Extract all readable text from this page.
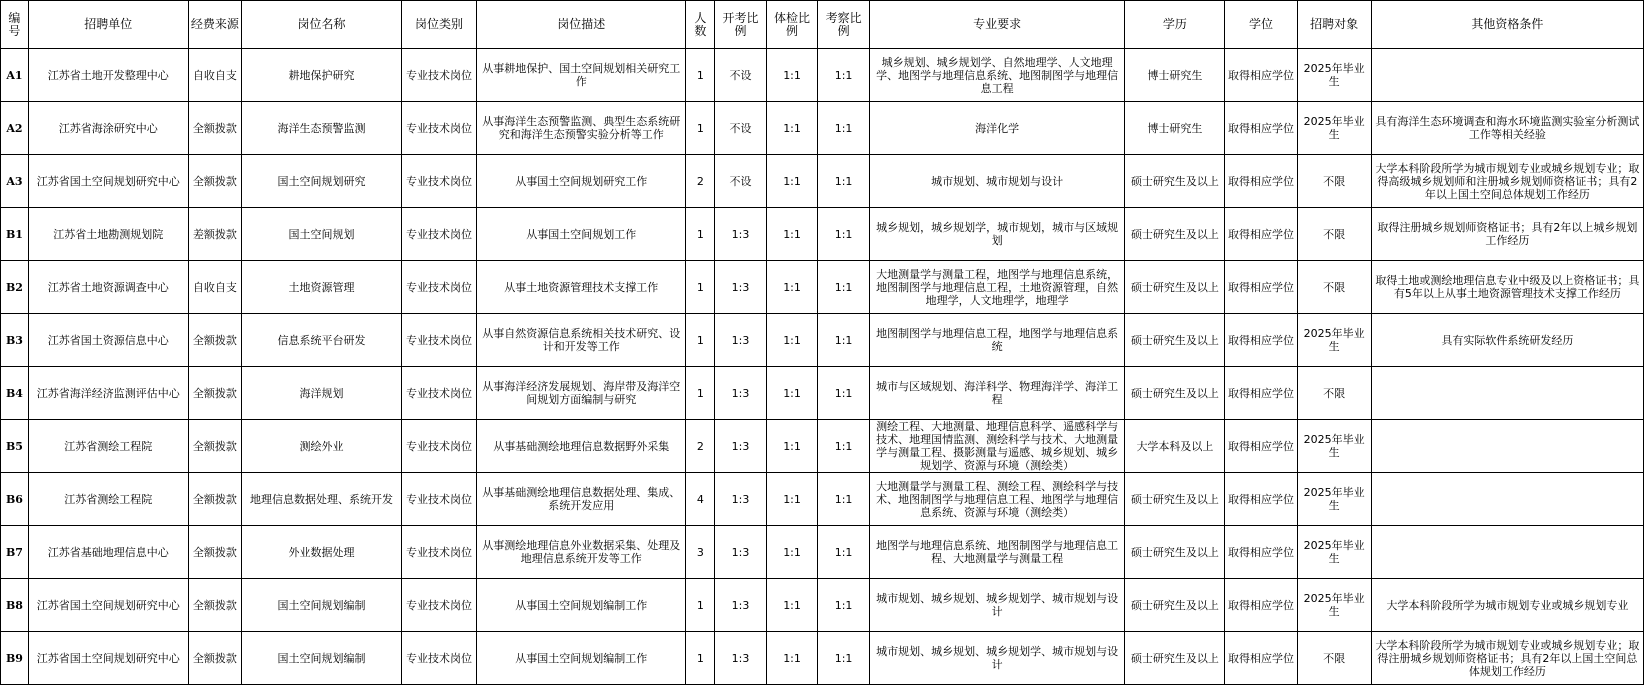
编号	招聘单位	经费来源	岗位名称	岗位类别	岗位描述	人数	开考比例	体检比例	考察比例	专业要求	学历	学位	招聘对象	其他资格条件

A1	江苏省土地开发整理中心	自收自支	耕地保护研究	专业技术岗位	从事耕地保护、国土空间规划相关研究工作	1	不设	1:1	1:1	城乡规划、城乡规划学、自然地理学、人文地理学、地图学与地理信息系统、地图制图学与地理信息工程	博士研究生	取得相应学位	2025年毕业生	

A2	江苏省海涂研究中心	全额拨款	海洋生态预警监测	专业技术岗位	从事海洋生态预警监测、典型生态系统研究和海洋生态预警实验分析等工作	1	不设	1:1	1:1	海洋化学	博士研究生	取得相应学位	2025年毕业生	具有海洋生态环境调查和海水环境监测实验室分析测试工作等相关经验

A3	江苏省国土空间规划研究中心	全额拨款	国土空间规划研究	专业技术岗位	从事国土空间规划研究工作	2	不设	1:1	1:1	城市规划、城市规划与设计	硕士研究生及以上	取得相应学位	不限	大学本科阶段所学为城市规划专业或城乡规划专业；取得高级城乡规划师和注册城乡规划师资格证书；具有2年以上国土空间总体规划工作经历

B1	江苏省土地勘测规划院	差额拨款	国土空间规划	专业技术岗位	从事国土空间规划工作	1	1:3	1:1	1:1	城乡规划，城乡规划学，城市规划，城市与区域规划	硕士研究生及以上	取得相应学位	不限	取得注册城乡规划师资格证书；具有2年以上城乡规划工作经历

B2	江苏省土地资源调查中心	自收自支	土地资源管理	专业技术岗位	从事土地资源管理技术支撑工作	1	1:3	1:1	1:1	大地测量学与测量工程，地图学与地理信息系统，地图制图学与地理信息工程，土地资源管理，自然地理学，人文地理学，地理学	硕士研究生及以上	取得相应学位	不限	取得土地或测绘地理信息专业中级及以上资格证书；具有5年以上从事土地资源管理技术支撑工作经历

B3	江苏省国土资源信息中心	全额拨款	信息系统平台研发	专业技术岗位	从事自然资源信息系统相关技术研究、设计和开发等工作	1	1:3	1:1	1:1	地图制图学与地理信息工程，地图学与地理信息系统	硕士研究生及以上	取得相应学位	2025年毕业生	具有实际软件系统研发经历

B4	江苏省海洋经济监测评估中心	全额拨款	海洋规划	专业技术岗位	从事海洋经济发展规划、海岸带及海洋空间规划方面编制与研究	1	1:3	1:1	1:1	城市与区域规划、海洋科学、物理海洋学、海洋工程	硕士研究生及以上	取得相应学位	不限	

B5	江苏省测绘工程院	全额拨款	测绘外业	专业技术岗位	从事基础测绘地理信息数据野外采集	2	1:3	1:1	1:1	测绘工程、大地测量、地理信息科学、遥感科学与技术、地理国情监测、测绘科学与技术、大地测量学与测量工程、摄影测量与遥感、城乡规划、城乡规划学、资源与环境（测绘类）	大学本科及以上	取得相应学位	2025年毕业生	

B6	江苏省测绘工程院	全额拨款	地理信息数据处理、系统开发	专业技术岗位	从事基础测绘地理信息数据处理、集成、系统开发应用	4	1:3	1:1	1:1	大地测量学与测量工程、测绘工程、测绘科学与技术、地图制图学与地理信息工程、地图学与地理信息系统、资源与环境（测绘类）	硕士研究生及以上	取得相应学位	2025年毕业生	

B7	江苏省基础地理信息中心	全额拨款	外业数据处理	专业技术岗位	从事测绘地理信息外业数据采集、处理及地理信息系统开发等工作	3	1:3	1:1	1:1	地图学与地理信息系统、地图制图学与地理信息工程、大地测量学与测量工程	硕士研究生及以上	取得相应学位	2025年毕业生	

B8	江苏省国土空间规划研究中心	全额拨款	国土空间规划编制	专业技术岗位	从事国土空间规划编制工作	1	1:3	1:1	1:1	城市规划、城乡规划、城乡规划学、城市规划与设计	硕士研究生及以上	取得相应学位	2025年毕业生	大学本科阶段所学为城市规划专业或城乡规划专业

B9	江苏省国土空间规划研究中心	全额拨款	国土空间规划编制	专业技术岗位	从事国土空间规划编制工作	1	1:3	1:1	1:1	城市规划、城乡规划、城乡规划学、城市规划与设计	硕士研究生及以上	取得相应学位	不限	大学本科阶段所学为城市规划专业或城乡规划专业；取得注册城乡规划师资格证书；具有2年以上国土空间总体规划工作经历
